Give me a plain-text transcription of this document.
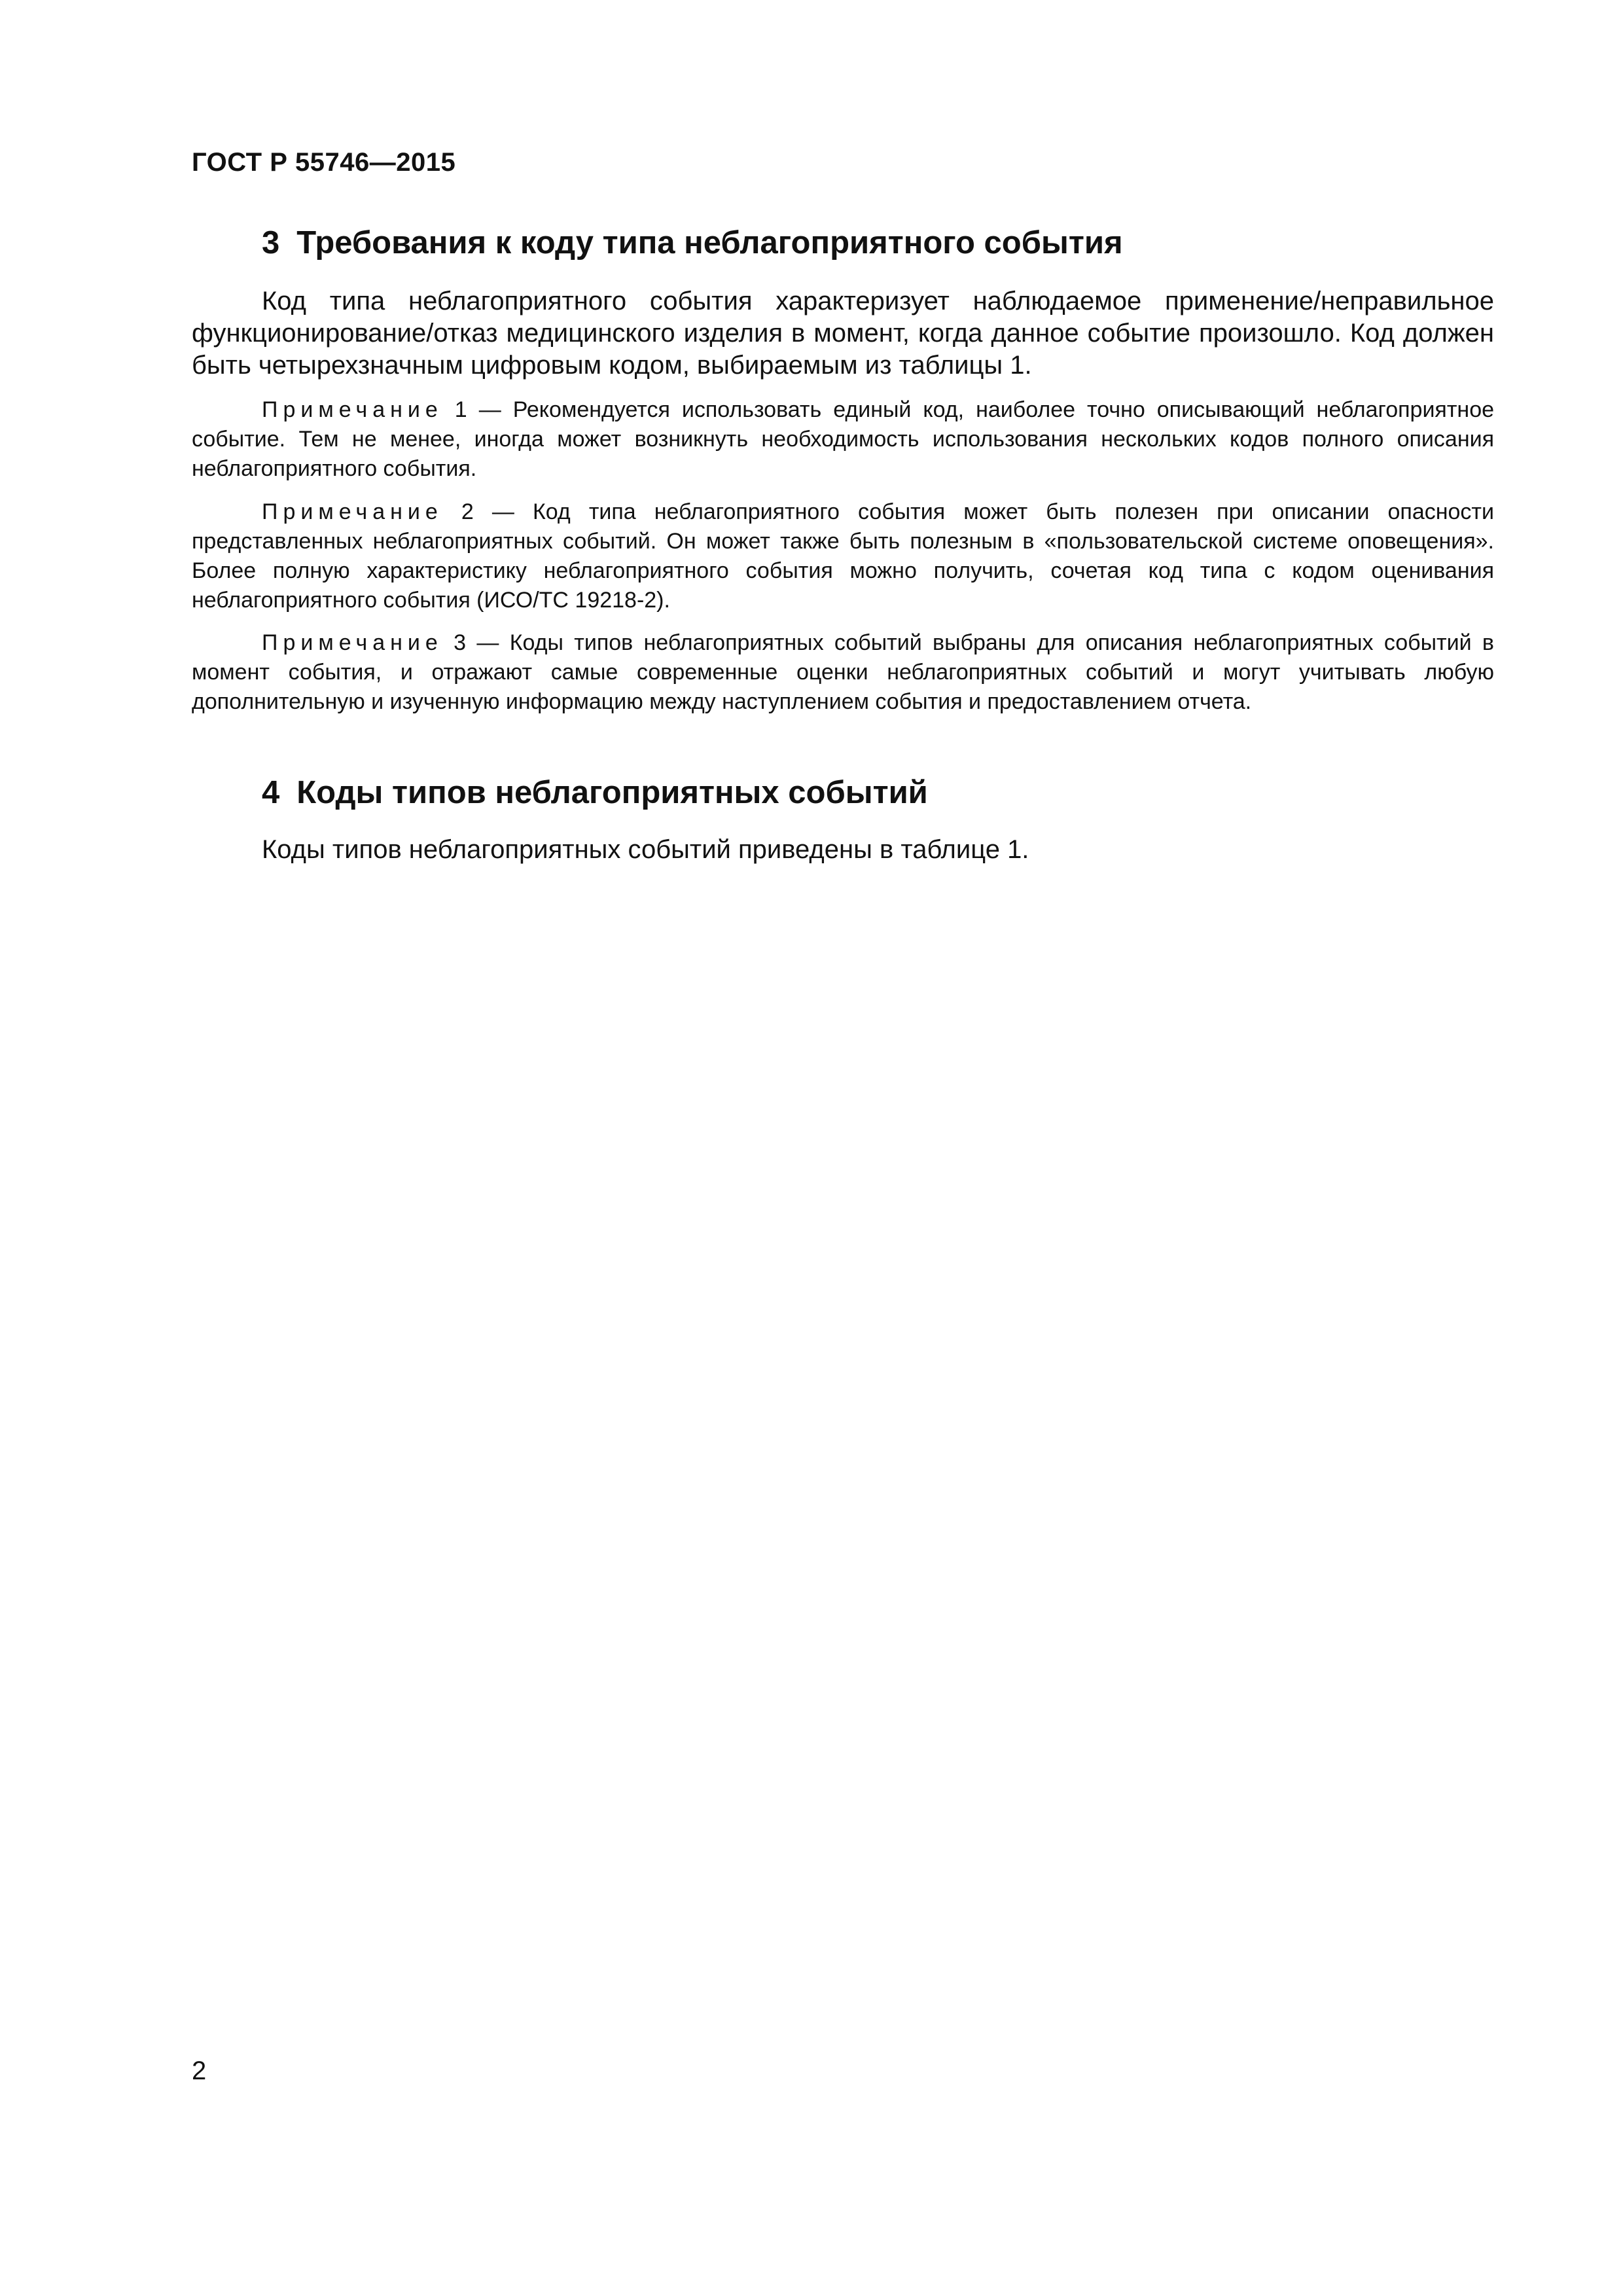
ГОСТ Р 55746—2015
3 Требования к коду типа неблагоприятного события

Код типа неблагоприятного события характеризует наблюдаемое применение/неправильное функционирование/отказ медицинского изделия в момент, когда данное событие произошло. Код должен быть четырехзначным цифровым кодом, выбираемым из таблицы 1.

Примечание 1 — Рекомендуется использовать единый код, наиболее точно описывающий неблагоприятное событие. Тем не менее, иногда может возникнуть необходимость использования нескольких кодов полного описания неблагоприятного события.

Примечание 2 — Код типа неблагоприятного события может быть полезен при описании опасности представленных неблагоприятных событий. Он может также быть полезным в «пользовательской системе оповещения». Более полную характеристику неблагоприятного события можно получить, сочетая код типа с кодом оценивания неблагоприятного события (ИСО/ТС 19218-2).

Примечание 3 — Коды типов неблагоприятных событий выбраны для описания неблагоприятных событий в момент события, и отражают самые современные оценки неблагоприятных событий и могут учитывать любую дополнительную и изученную информацию между наступлением события и предоставлением отчета.

4 Коды типов неблагоприятных событий
Коды типов неблагоприятных событий приведены в таблице 1.
2
